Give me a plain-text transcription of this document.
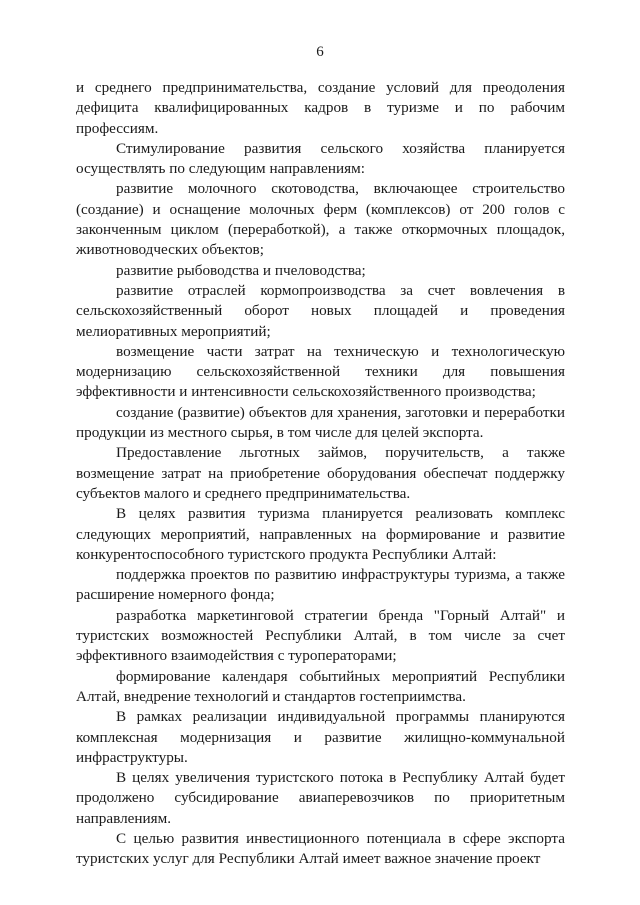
6

и среднего предпринимательства, создание условий для преодоления дефицита квалифицированных кадров в туризме и по рабочим профессиям.

Стимулирование развития сельского хозяйства планируется осуществлять по следующим направлениям:

развитие молочного скотоводства, включающее строительство (создание) и оснащение молочных ферм (комплексов) от 200 голов с законченным циклом (переработкой), а также откормочных площадок, животноводческих объектов;

развитие рыбоводства и пчеловодства;

развитие отраслей кормопроизводства за счет вовлечения в сельскохозяйственный оборот новых площадей и проведения мелиоративных мероприятий;

возмещение части затрат на техническую и технологическую модернизацию сельскохозяйственной техники для повышения эффективности и интенсивности сельскохозяйственного производства;

создание (развитие) объектов для хранения, заготовки и переработки продукции из местного сырья, в том числе для целей экспорта.

Предоставление льготных займов, поручительств, а также возмещение затрат на приобретение оборудования обеспечат поддержку субъектов малого и среднего предпринимательства.

В целях развития туризма планируется реализовать комплекс следующих мероприятий, направленных на формирование и развитие конкурентоспособного туристского продукта Республики Алтай:

поддержка проектов по развитию инфраструктуры туризма, а также расширение номерного фонда;

разработка маркетинговой стратегии бренда "Горный Алтай" и туристских возможностей Республики Алтай, в том числе за счет эффективного взаимодействия с туроператорами;

формирование календаря событийных мероприятий Республики Алтай, внедрение технологий и стандартов гостеприимства.

В рамках реализации индивидуальной программы планируются комплексная модернизация и развитие жилищно-коммунальной инфраструктуры.

В целях увеличения туристского потока в Республику Алтай будет продолжено субсидирование авиаперевозчиков по приоритетным направлениям.

С целью развития инвестиционного потенциала в сфере экспорта туристских услуг для Республики Алтай имеет важное значение проект
